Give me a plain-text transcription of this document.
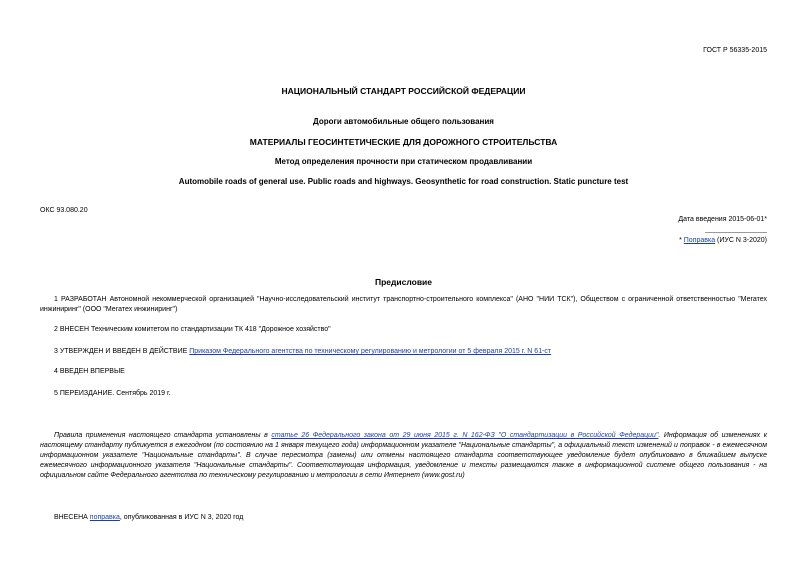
ГОСТ Р 56335-2015
НАЦИОНАЛЬНЫЙ СТАНДАРТ РОССИЙСКОЙ ФЕДЕРАЦИИ
Дороги автомобильные общего пользования
МАТЕРИАЛЫ ГЕОСИНТЕТИЧЕСКИЕ ДЛЯ ДОРОЖНОГО СТРОИТЕЛЬСТВА
Метод определения прочности при статическом продавливании
Automobile roads of general use. Public roads and highways. Geosynthetic for road construction. Static puncture test
ОКС 93.080.20
Дата введения 2015-06-01*
* Поправка (ИУС N 3-2020)
Предисловие
1 РАЗРАБОТАН Автономной некоммерческой организацией "Научно-исследовательский институт транспортно-строительного комплекса" (АНО "НИИ ТСК"), Обществом с ограниченной ответственностью "Мегатех инжиниринг" (ООО "Мегатех инжиниринг")
2 ВНЕСЕН Техническим комитетом по стандартизации ТК 418 "Дорожное хозяйство"
3 УТВЕРЖДЕН И ВВЕДЕН В ДЕЙСТВИЕ Приказом Федерального агентства по техническому регулированию и метрологии от 5 февраля 2015 г. N 61-ст
4 ВВЕДЕН ВПЕРВЫЕ
5 ПЕРЕИЗДАНИЕ. Сентябрь 2019 г.
Правила применения настоящего стандарта установлены в статье 26 Федерального закона от 29 июня 2015 г. N 162-ФЗ "О стандартизации в Российской Федерации". Информация об изменениях к настоящему стандарту публикуется в ежегодном (по состоянию на 1 января текущего года) информационном указателе "Национальные стандарты", а официальный текст изменений и поправок - в ежемесячном информационном указателе "Национальные стандарты". В случае пересмотра (замены) или отмены настоящего стандарта соответствующее уведомление будет опубликовано в ближайшем выпуске ежемесячного информационного указателя "Национальные стандарты". Соответствующая информация, уведомление и тексты размещаются также в информационной системе общего пользования - на официальном сайте Федерального агентства по техническому регулированию и метрологии в сети Интернет (www.gost.ru)
ВНЕСЕНА поправка, опубликованная в ИУС N 3, 2020 год
